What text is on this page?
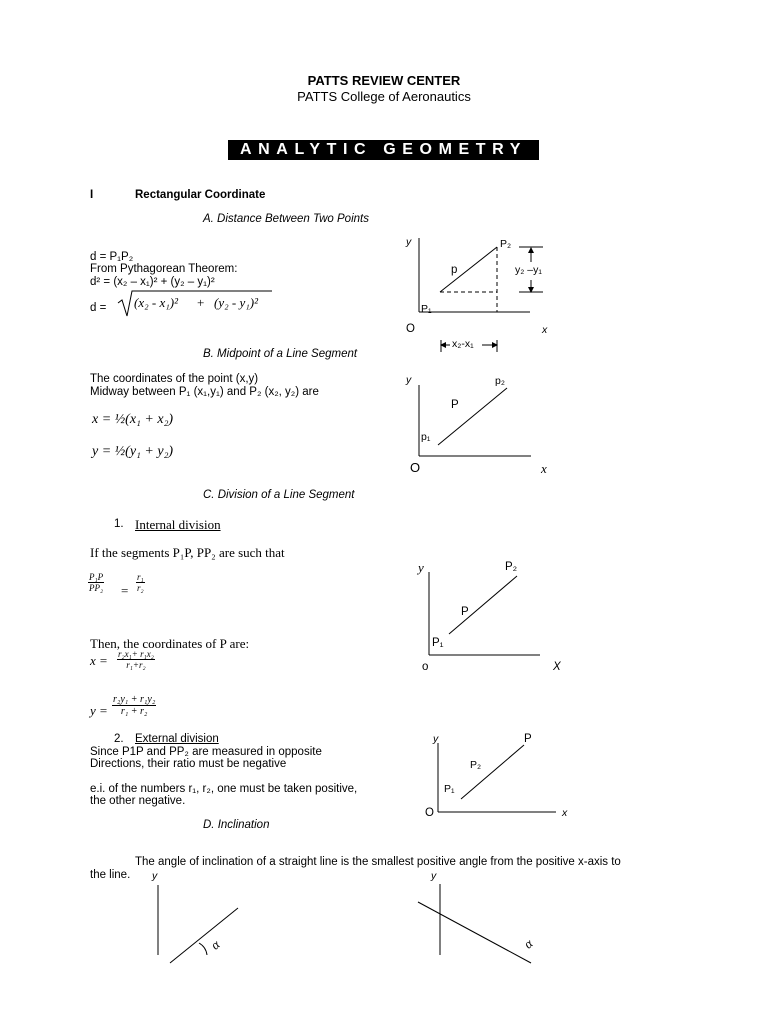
PATTS REVIEW CENTER
PATTS College of Aeronautics
ANALYTIC GEOMETRY
I	Rectangular Coordinate
A. Distance Between Two Points
d = P₁P₂
From Pythagorean Theorem:
d² = (x₂ – x₁)² + (y₂ – y₁)²
d = (x₂ - x₁)² + (y₂ - y₁)²
B. Midpoint of a Line Segment
The coordinates of the point (x,y)
Midway between P₁ (x₁,y₁) and P₂ (x₂, y₂) are
x = ½(x₁ + x₂)
y = ½(y₁ + y₂)
C. Division of a Line Segment
1. Internal division
If the segments P₁P, PP₂ are such that
$\frac{\text{P₁P}}{\text{PP₂}} = \frac{\text{r₁}}{\text{r₂}}$
Then, the coordinates of P are:
$x = \frac{\text{r₂x₁+ r₁x₂}}{\text{r₁+r₂}}$
$y = \frac{\text{r₂y₁ + r₁y₂}}{\text{r₁ + r₂}}$
2. External division
Since P1P and PP₂ are measured in opposite
Directions, their ratio must be negative
e.i. of the numbers r₁, r₂, one must be taken positive,
the other negative.
D. Inclination
The angle of inclination of a straight line is the smallest positive angle from the positive x-axis to
the line.
y
x
O
P₁
P₂
p	y₂ –y₁
x₂-x₁
y
x
O
p₁
p₂
P
y
X
o
P₁
P₂
P
y
x
O
P₁
P₂
P
y
α
y
α
